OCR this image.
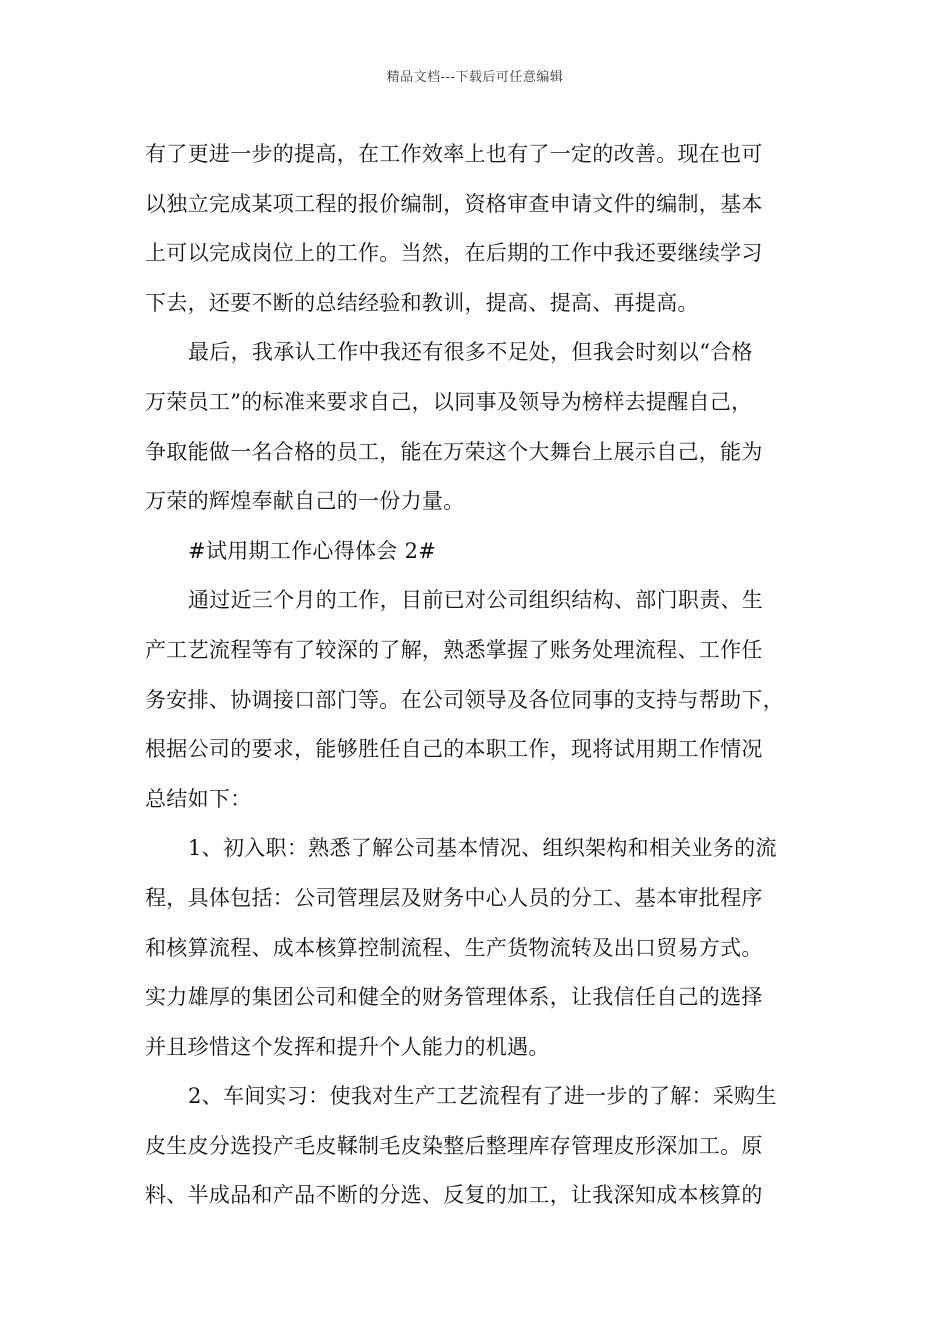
精品文档---下载后可任意编辑
有了更进一步的提高，在工作效率上也有了一定的改善。现在也可
以独立完成某项工程的报价编制，资格审查申请文件的编制，基本
上可以完成岗位上的工作。当然，在后期的工作中我还要继续学习
下去，还要不断的总结经验和教训，提高、提高、再提高。
最后，我承认工作中我还有很多不足处，但我会时刻以“合格
万荣员工”的标准来要求自己，以同事及领导为榜样去提醒自己，
争取能做一名合格的员工，能在万荣这个大舞台上展示自己，能为
万荣的辉煌奉献自己的一份力量。
#试用期工作心得体会 2#
通过近三个月的工作，目前已对公司组织结构、部门职责、生
产工艺流程等有了较深的了解，熟悉掌握了账务处理流程、工作任
务安排、协调接口部门等。在公司领导及各位同事的支持与帮助下，
根据公司的要求，能够胜任自己的本职工作，现将试用期工作情况
总结如下：
1、初入职：熟悉了解公司基本情况、组织架构和相关业务的流
程，具体包括：公司管理层及财务中心人员的分工、基本审批程序
和核算流程、成本核算控制流程、生产货物流转及出口贸易方式。
实力雄厚的集团公司和健全的财务管理体系，让我信任自己的选择
并且珍惜这个发挥和提升个人能力的机遇。
2、车间实习：使我对生产工艺流程有了进一步的了解：采购生
皮生皮分选投产毛皮鞣制毛皮染整后整理库存管理皮形深加工。原
料、半成品和产品不断的分选、反复的加工，让我深知成本核算的
